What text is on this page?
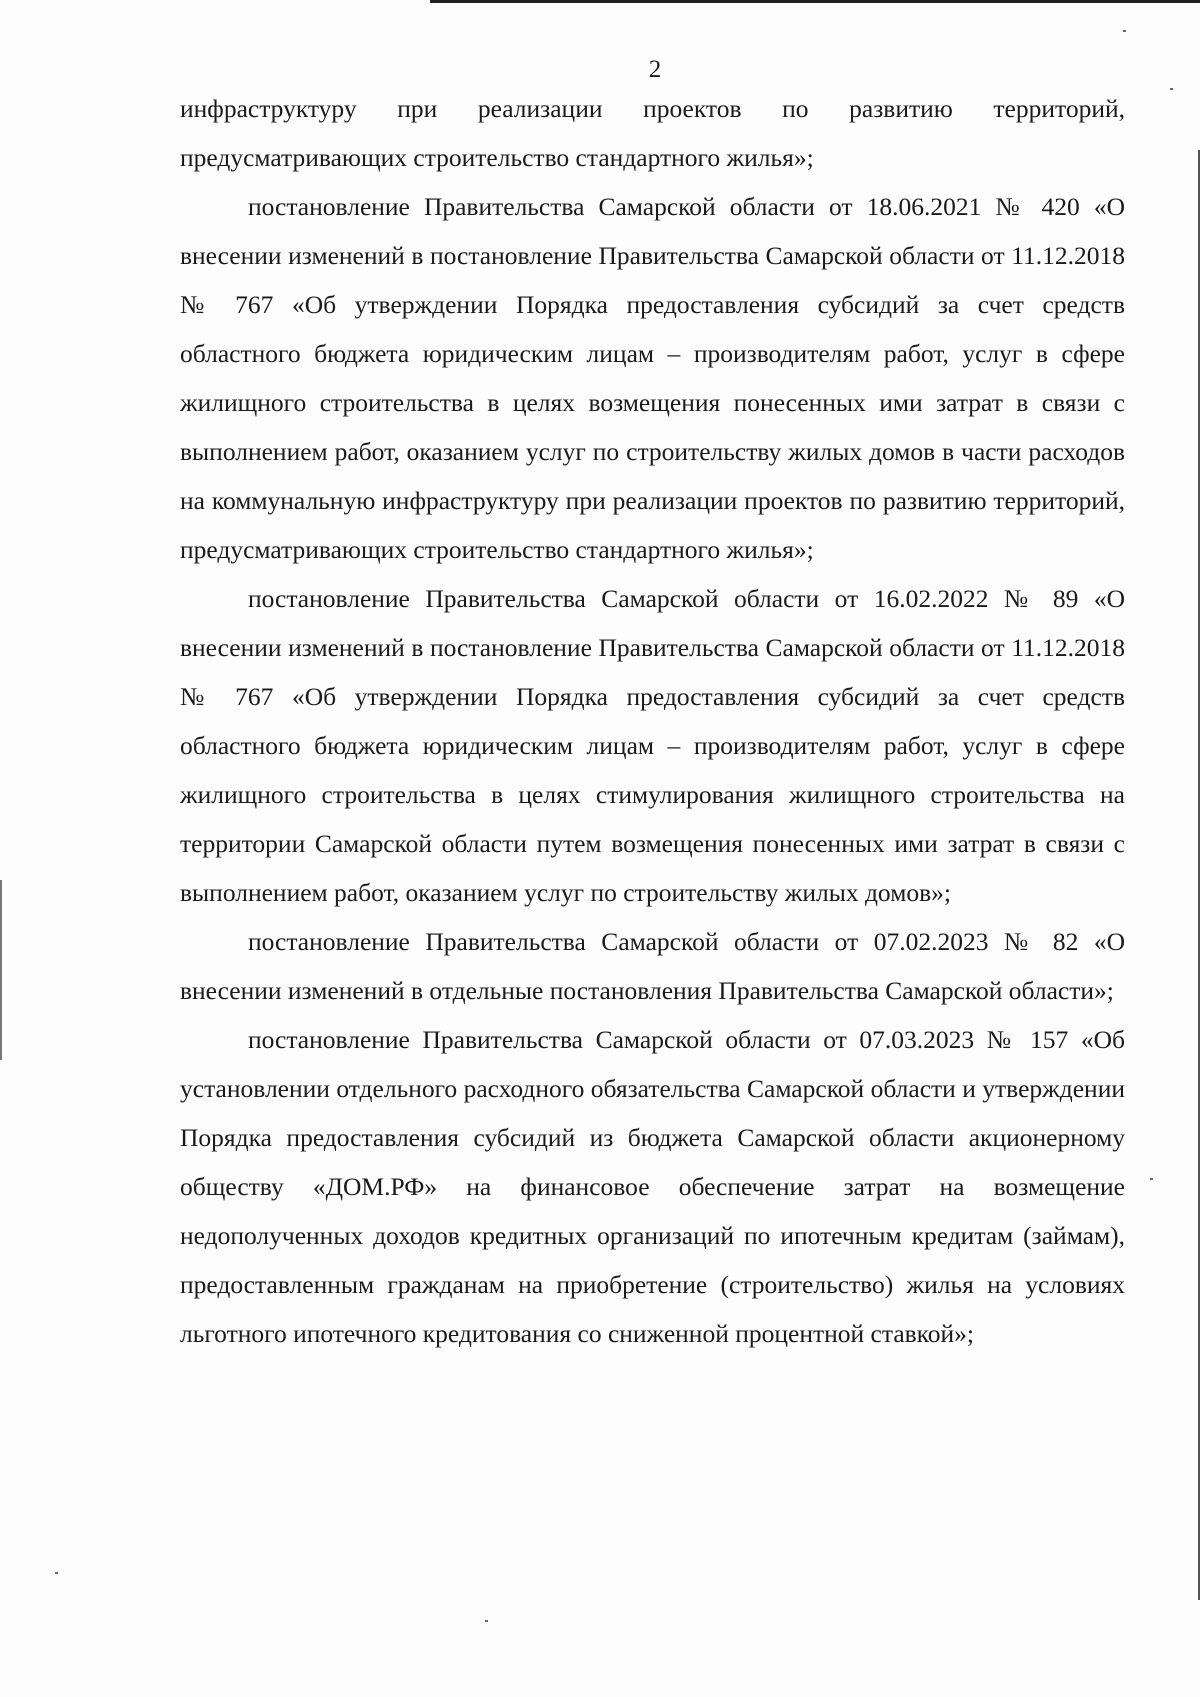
2

инфраструктуру при реализации проектов по развитию территорий, предусматривающих строительство стандартного жилья»;

постановление Правительства Самарской области от 18.06.2021 № 420 «О внесении изменений в постановление Правительства Самарской области от 11.12.2018 № 767 «Об утверждении Порядка предоставления субсидий за счет средств областного бюджета юридическим лицам – производителям работ, услуг в сфере жилищного строительства в целях возмещения понесенных ими затрат в связи с выполнением работ, оказанием услуг по строительству жилых домов в части расходов на коммунальную инфраструктуру при реализации проектов по развитию территорий, предусматривающих строительство стандартного жилья»;

постановление Правительства Самарской области от 16.02.2022 № 89 «О внесении изменений в постановление Правительства Самарской области от 11.12.2018 № 767 «Об утверждении Порядка предоставления субсидий за счет средств областного бюджета юридическим лицам – производителям работ, услуг в сфере жилищного строительства в целях стимулирования жилищного строительства на территории Самарской области путем возмещения понесенных ими затрат в связи с выполнением работ, оказанием услуг по строительству жилых домов»;

постановление Правительства Самарской области от 07.02.2023 № 82 «О внесении изменений в отдельные постановления Правительства Самарской области»;

постановление Правительства Самарской области от 07.03.2023 № 157 «Об установлении отдельного расходного обязательства Самарской области и утверждении Порядка предоставления субсидий из бюджета Самарской области акционерному обществу «ДОМ.РФ» на финансовое обеспечение затрат на возмещение недополученных доходов кредитных организаций по ипотечным кредитам (займам), предоставленным гражданам на приобретение (строительство) жилья на условиях льготного ипотечного кредитования со сниженной процентной ставкой»;
